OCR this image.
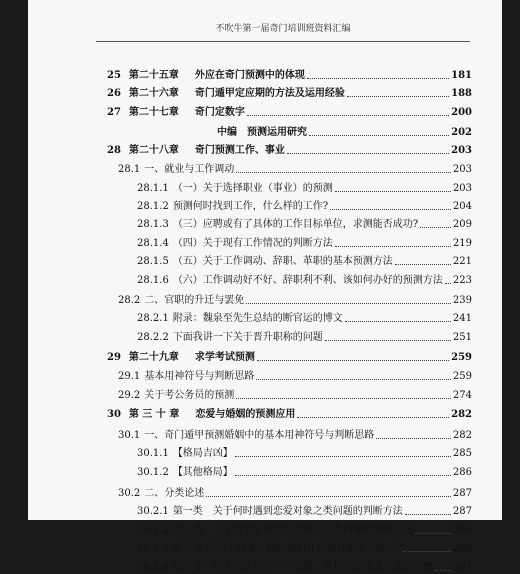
不吹牛第一届奇门培训班资料汇编
25 第二十五章 外应在奇门预测中的体现	181
26 第二十六章 奇门遁甲定应期的方法及运用经验	188
27 第二十七章 奇门定数字	200
中编　预测运用研究	202
28 第二十八章 奇门预测工作、事业	203
28.1 一、就业与工作调动	203
28.1.1 （一）关于选择职业（事业）的预测	203
28.1.2 预测何时找到工作，什么样的工作?	204
28.1.3 （三）应聘或有了具体的工作目标单位，求测能否成功?	209
28.1.4 （四）关于现有工作情况的判断方法	219
28.1.5 （五）关于工作调动、辞职、革职的基本预测方法	221
28.1.6 （六）工作调动好不好、辞职利不利、该如何办好的预测方法 223
28.2 二、官职的升迁与罢免	239
28.2.1 附录：魏泉至先生总结的断官运的博文	241
28.2.2 下面我讲一下关于晋升职称的问题	251
29 第二十九章 求学考试预测	259
29.1 基本用神符号与判断思路	259
29.2 关于考公务员的预测	274
30 第 三 十 章 恋爱与婚姻的预测应用	282
30.1 一、奇门遁甲预测婚姻中的基本用神符号与判断思路	282
30.1.1 【格局吉凶】	285
30.1.2 【其他格局】	286
30.2 二、分类论述	287
30.2.1 第一类　关于何时遇到恋爱对象之类问题的判断方法	287
30.2.2 第二类　关于追求某异性能否成功之类问题的判断方法	295
30.2.3 第三类 介绍人问事：我给他们介绍该对象能否成功?	299
30.2.4 第四类　别人给介绍了一个对象，看是否能谈成之类的预测 301
